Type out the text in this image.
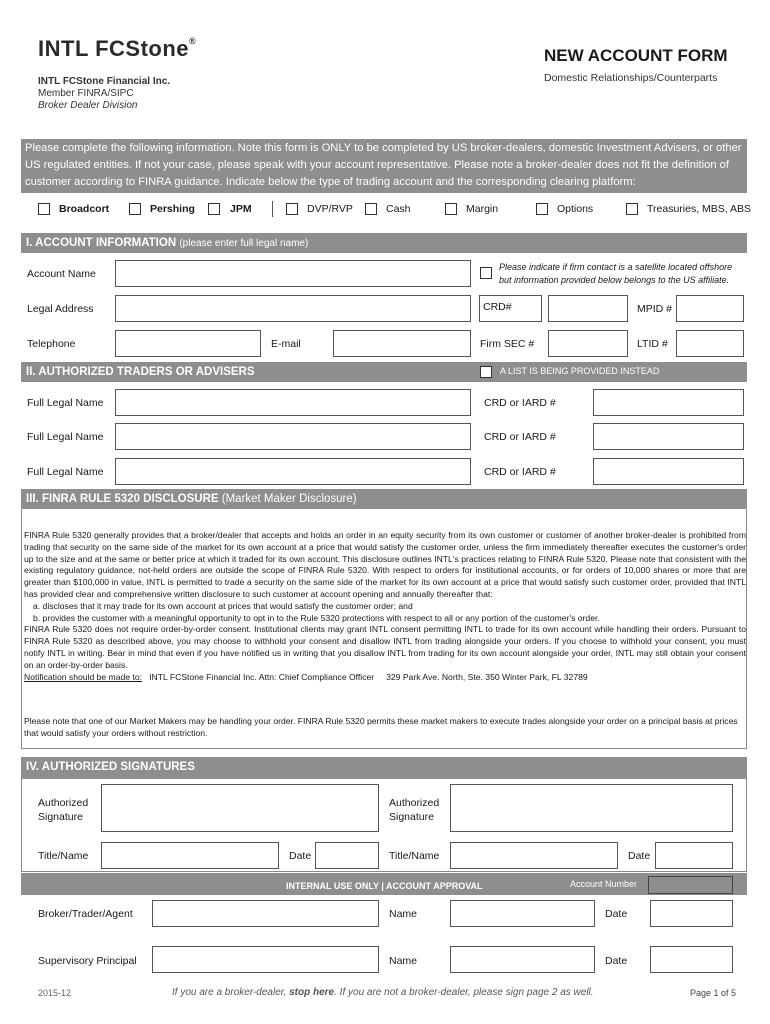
INTL FCStone®
INTL FCStone Financial Inc.
Member FINRA/SIPC
Broker Dealer Division
NEW ACCOUNT FORM
Domestic Relationships/Counterparts
Please complete the following information. Note this form is ONLY to be completed by US broker-dealers, domestic Investment Advisers, or other US regulated entities. If not your case, please speak with your account representative. Please note a broker-dealer does not fit the definition of customer according to FINRA guidance. Indicate below the type of trading account and the corresponding clearing platform:
Broadcort	Pershing	JPM	DVP/RVP	Cash	Margin	Options	Treasuries, MBS, ABS
I. ACCOUNT INFORMATION (please enter full legal name)
Account Name
Please indicate if firm contact is a satellite located offshore
but information provided below belongs to the US affiliate.
Legal Address	CRD#	MPID #
Telephone	E-mail	Firm SEC #	LTID #
II. AUTHORIZED TRADERS OR ADVISERS	A LIST IS BEING PROVIDED INSTEAD
Full Legal Name	CRD or IARD #
Full Legal Name	CRD or IARD #
Full Legal Name	CRD or IARD #
III. FINRA RULE 5320 DISCLOSURE (Market Maker Disclosure)

FINRA Rule 5320 generally provides that a broker/dealer that accepts and holds an order in an equity security from its own customer or customer of another broker-dealer is prohibited from trading that security on the same side of the market for its own account at a price that would satisfy the customer order, unless the firm immediately thereafter executes the customer's order up to the size and at the same or better price at which it traded for its own account. This disclosure outlines INTL's practices relating to FINRA Rule 5320. Please note that consistent with the existing regulatory guidance, not-held orders are outside the scope of FINRA Rule 5320. With respect to orders for institutional accounts, or for orders of 10,000 shares or more that are greater than $100,000 in value, INTL is permitted to trade a security on the same side of the market for its own account at a price that would satisfy such customer order, provided that INTL has provided clear and comprehensive written disclosure to such customer at account opening and annually thereafter that:

a. discloses that it may trade for its own account at prices that would satisfy the customer order; and

b. provides the customer with a meaningful opportunity to opt in to the Rule 5320 protections with respect to all or any portion of the customer's order.

FINRA Rule 5320 does not require order-by-order consent. Institutional clients may grant INTL consent permitting INTL to trade for its own account while handling their orders. Pursuant to FINRA Rule 5320 as described above, you may choose to withhold your consent and disallow INTL from trading alongside your orders. If you choose to withhold your consent, you must notify INTL in writing. Bear in mind that even if you have notified us in writing that you disallow INTL from trading for its own account alongside your order, INTL may still obtain your consent on an order-by-order basis.

Notification should be made to: INTL FCStone Financial Inc. Attn: Chief Compliance Officer 329 Park Ave. North, Ste. 350 Winter Park, FL 32789

Please note that one of our Market Makers may be handling your order. FINRA Rule 5320 permits these market makers to execute trades alongside your order on a principal basis at prices that would satisfy your orders without restriction.
IV. AUTHORIZED SIGNATURES
Authorized
Signature
Authorized
Signature
Title/Name	Date	Title/Name	Date
INTERNAL USE ONLY | ACCOUNT APPROVAL	Account Number
Broker/Trader/Agent	Name	Date
Supervisory Principal	Name	Date
2015-12	If you are a broker-dealer, stop here. If you are not a broker-dealer, please sign page 2 as well.	Page 1 of 5
